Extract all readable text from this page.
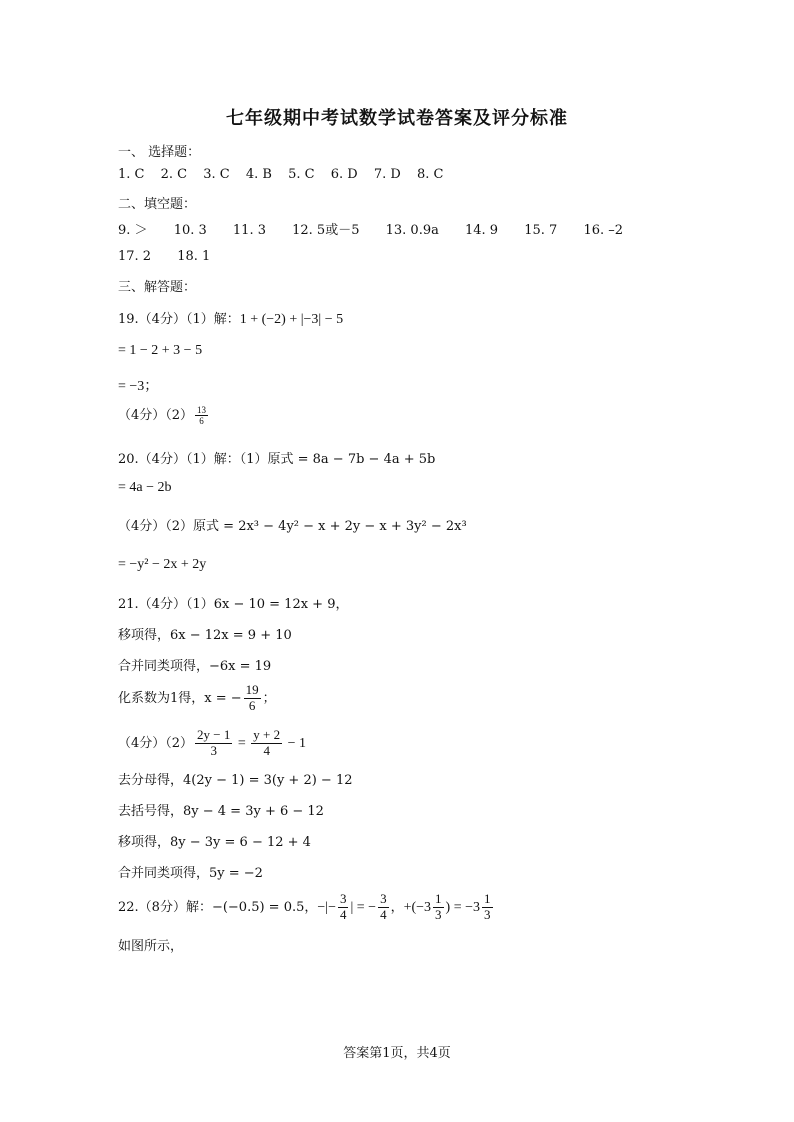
七年级期中考试数学试卷答案及评分标准
一、 选择题：
1. C 2. C 3. C 4. B 5. C 6. D 7. D 8. C
二、填空题：
9. ＞ 10. 3 11. 3 12. 5或－5 13. 0.9a 14. 9 15. 7 16. –2
17. 2 18. 1
三、解答题：
19.（4分）（1）解：1 + (−2) + |−3| − 5
= 1 − 2 + 3 − 5
= −3；
（4分）$(2) \frac{13}{6}$
20.（4分）（1）解：（1）原式 = 8a − 7b − 4a + 5b
= 4a − 2b
（4分）（2）原式 = 2x³ − 4y² − x + 2y − x + 3y² − 2x³
= −y² − 2x + 2y
21.（4分）（1）6x − 10 = 12x + 9，
移项得，6x − 12x = 9 + 10
合并同类项得，−6x = 19
化系数为1得，x = − $\frac{19}{6}$ ；
（4分）$(2) \frac{2y - 1}{3} = \frac{y + 2}{4} - 1$
去分母得，4(2y − 1) = 3(y + 2) − 12
去括号得，8y − 4 = 3y + 6 − 12
移项得，8y − 3y = 6 − 12 + 4
合并同类项得，5y = −2
22.（8分）解：−(−0.5) = 0.5，−|− $\frac{3}{4}$ | = − $\frac{3}{4}$ ，$+(-3 \frac{1}{3}$ ) = $-3 \frac{1}{3}$
如图所示，
答案第1页，共4页
